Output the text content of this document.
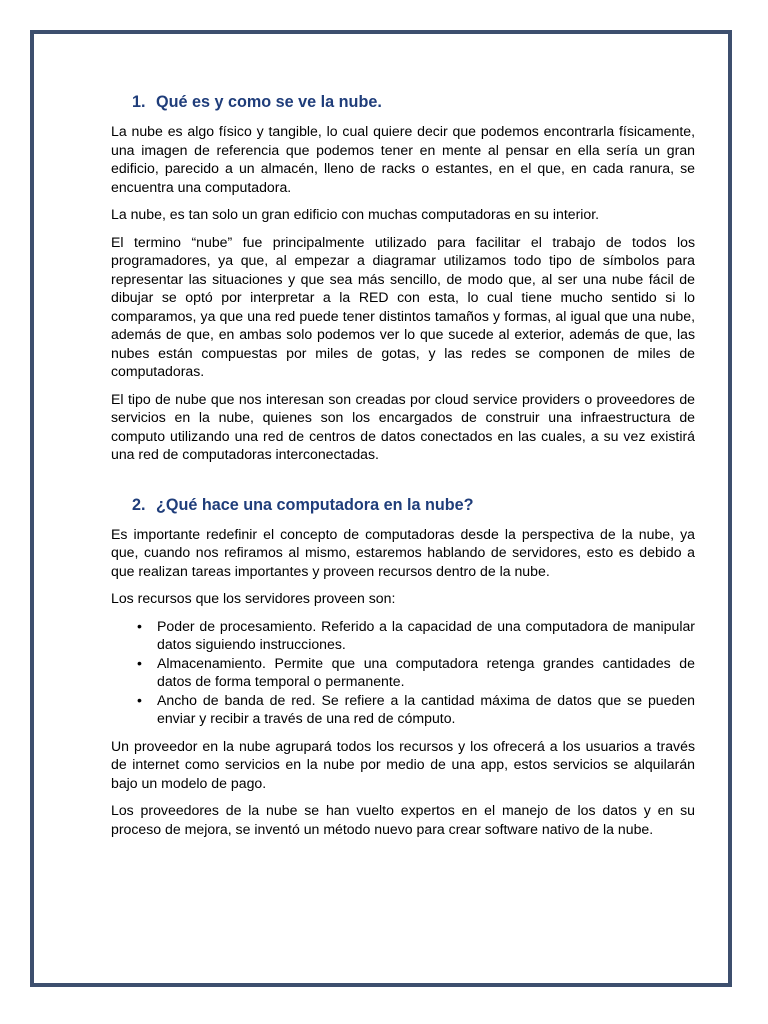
1. Qué es y como se ve la nube.

La nube es algo físico y tangible, lo cual quiere decir que podemos encontrarla físicamente, una imagen de referencia que podemos tener en mente al pensar en ella sería un gran edificio, parecido a un almacén, lleno de racks o estantes, en el que, en cada ranura, se encuentra una computadora.

La nube, es tan solo un gran edificio con muchas computadoras en su interior.

El termino “nube” fue principalmente utilizado para facilitar el trabajo de todos los programadores, ya que, al empezar a diagramar utilizamos todo tipo de símbolos para representar las situaciones y que sea más sencillo, de modo que, al ser una nube fácil de dibujar se optó por interpretar a la RED con esta, lo cual tiene mucho sentido si lo comparamos, ya que una red puede tener distintos tamaños y formas, al igual que una nube, además de que, en ambas solo podemos ver lo que sucede al exterior, además de que, las nubes están compuestas por miles de gotas, y las redes se componen de miles de computadoras.

El tipo de nube que nos interesan son creadas por cloud service providers o proveedores de servicios en la nube, quienes son los encargados de construir una infraestructura de computo utilizando una red de centros de datos conectados en las cuales, a su vez existirá una red de computadoras interconectadas.

2. ¿Qué hace una computadora en la nube?

Es importante redefinir el concepto de computadoras desde la perspectiva de la nube, ya que, cuando nos refiramos al mismo, estaremos hablando de servidores, esto es debido a que realizan tareas importantes y proveen recursos dentro de la nube.

Los recursos que los servidores proveen son:

• Poder de procesamiento. Referido a la capacidad de una computadora de manipular datos siguiendo instrucciones.
• Almacenamiento. Permite que una computadora retenga grandes cantidades de datos de forma temporal o permanente.
• Ancho de banda de red. Se refiere a la cantidad máxima de datos que se pueden enviar y recibir a través de una red de cómputo.

Un proveedor en la nube agrupará todos los recursos y los ofrecerá a los usuarios a través de internet como servicios en la nube por medio de una app, estos servicios se alquilarán bajo un modelo de pago.

Los proveedores de la nube se han vuelto expertos en el manejo de los datos y en su proceso de mejora, se inventó un método nuevo para crear software nativo de la nube.
